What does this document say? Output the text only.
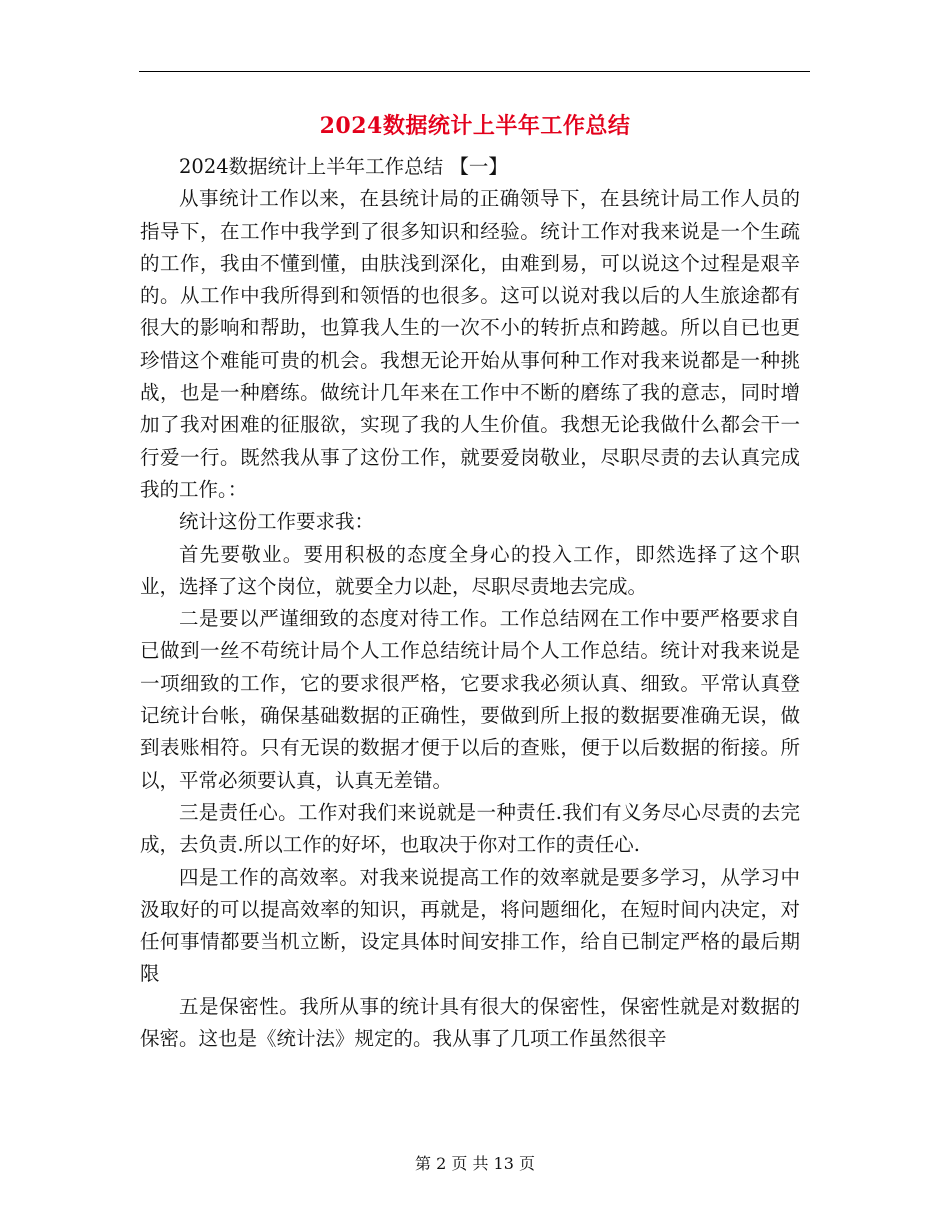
2024数据统计上半年工作总结

2024数据统计上半年工作总结 【一】

从事统计工作以来，在县统计局的正确领导下，在县统计局工作人员的指导下，在工作中我学到了很多知识和经验。统计工作对我来说是一个生疏的工作，我由不懂到懂，由肤浅到深化，由难到易，可以说这个过程是艰辛的。从工作中我所得到和领悟的也很多。这可以说对我以后的人生旅途都有很大的影响和帮助，也算我人生的一次不小的转折点和跨越。所以自已也更珍惜这个难能可贵的机会。我想无论开始从事何种工作对我来说都是一种挑战，也是一种磨练。做统计几年来在工作中不断的磨练了我的意志，同时增加了我对困难的征服欲，实现了我的人生价值。我想无论我做什么都会干一行爱一行。既然我从事了这份工作，就要爱岗敬业，尽职尽责的去认真完成我的工作。：

统计这份工作要求我：

首先要敬业。要用积极的态度全身心的投入工作，即然选择了这个职业，选择了这个岗位，就要全力以赴，尽职尽责地去完成。

二是要以严谨细致的态度对待工作。工作总结网在工作中要严格要求自已做到一丝不苟统计局个人工作总结统计局个人工作总结。统计对我来说是一项细致的工作，它的要求很严格，它要求我必须认真、细致。平常认真登记统计台帐，确保基础数据的正确性，要做到所上报的数据要准确无误，做到表账相符。只有无误的数据才便于以后的查账，便于以后数据的衔接。所以，平常必须要认真，认真无差错。

三是责任心。工作对我们来说就是一种责任.我们有义务尽心尽责的去完成，去负责.所以工作的好坏，也取决于你对工作的责任心.

四是工作的高效率。对我来说提高工作的效率就是要多学习，从学习中汲取好的可以提高效率的知识，再就是，将问题细化，在短时间内决定，对任何事情都要当机立断，设定具体时间安排工作，给自已制定严格的最后期限

五是保密性。我所从事的统计具有很大的保密性，保密性就是对数据的保密。这也是《统计法》规定的。我从事了几项工作虽然很辛

第 2 页 共 13 页
